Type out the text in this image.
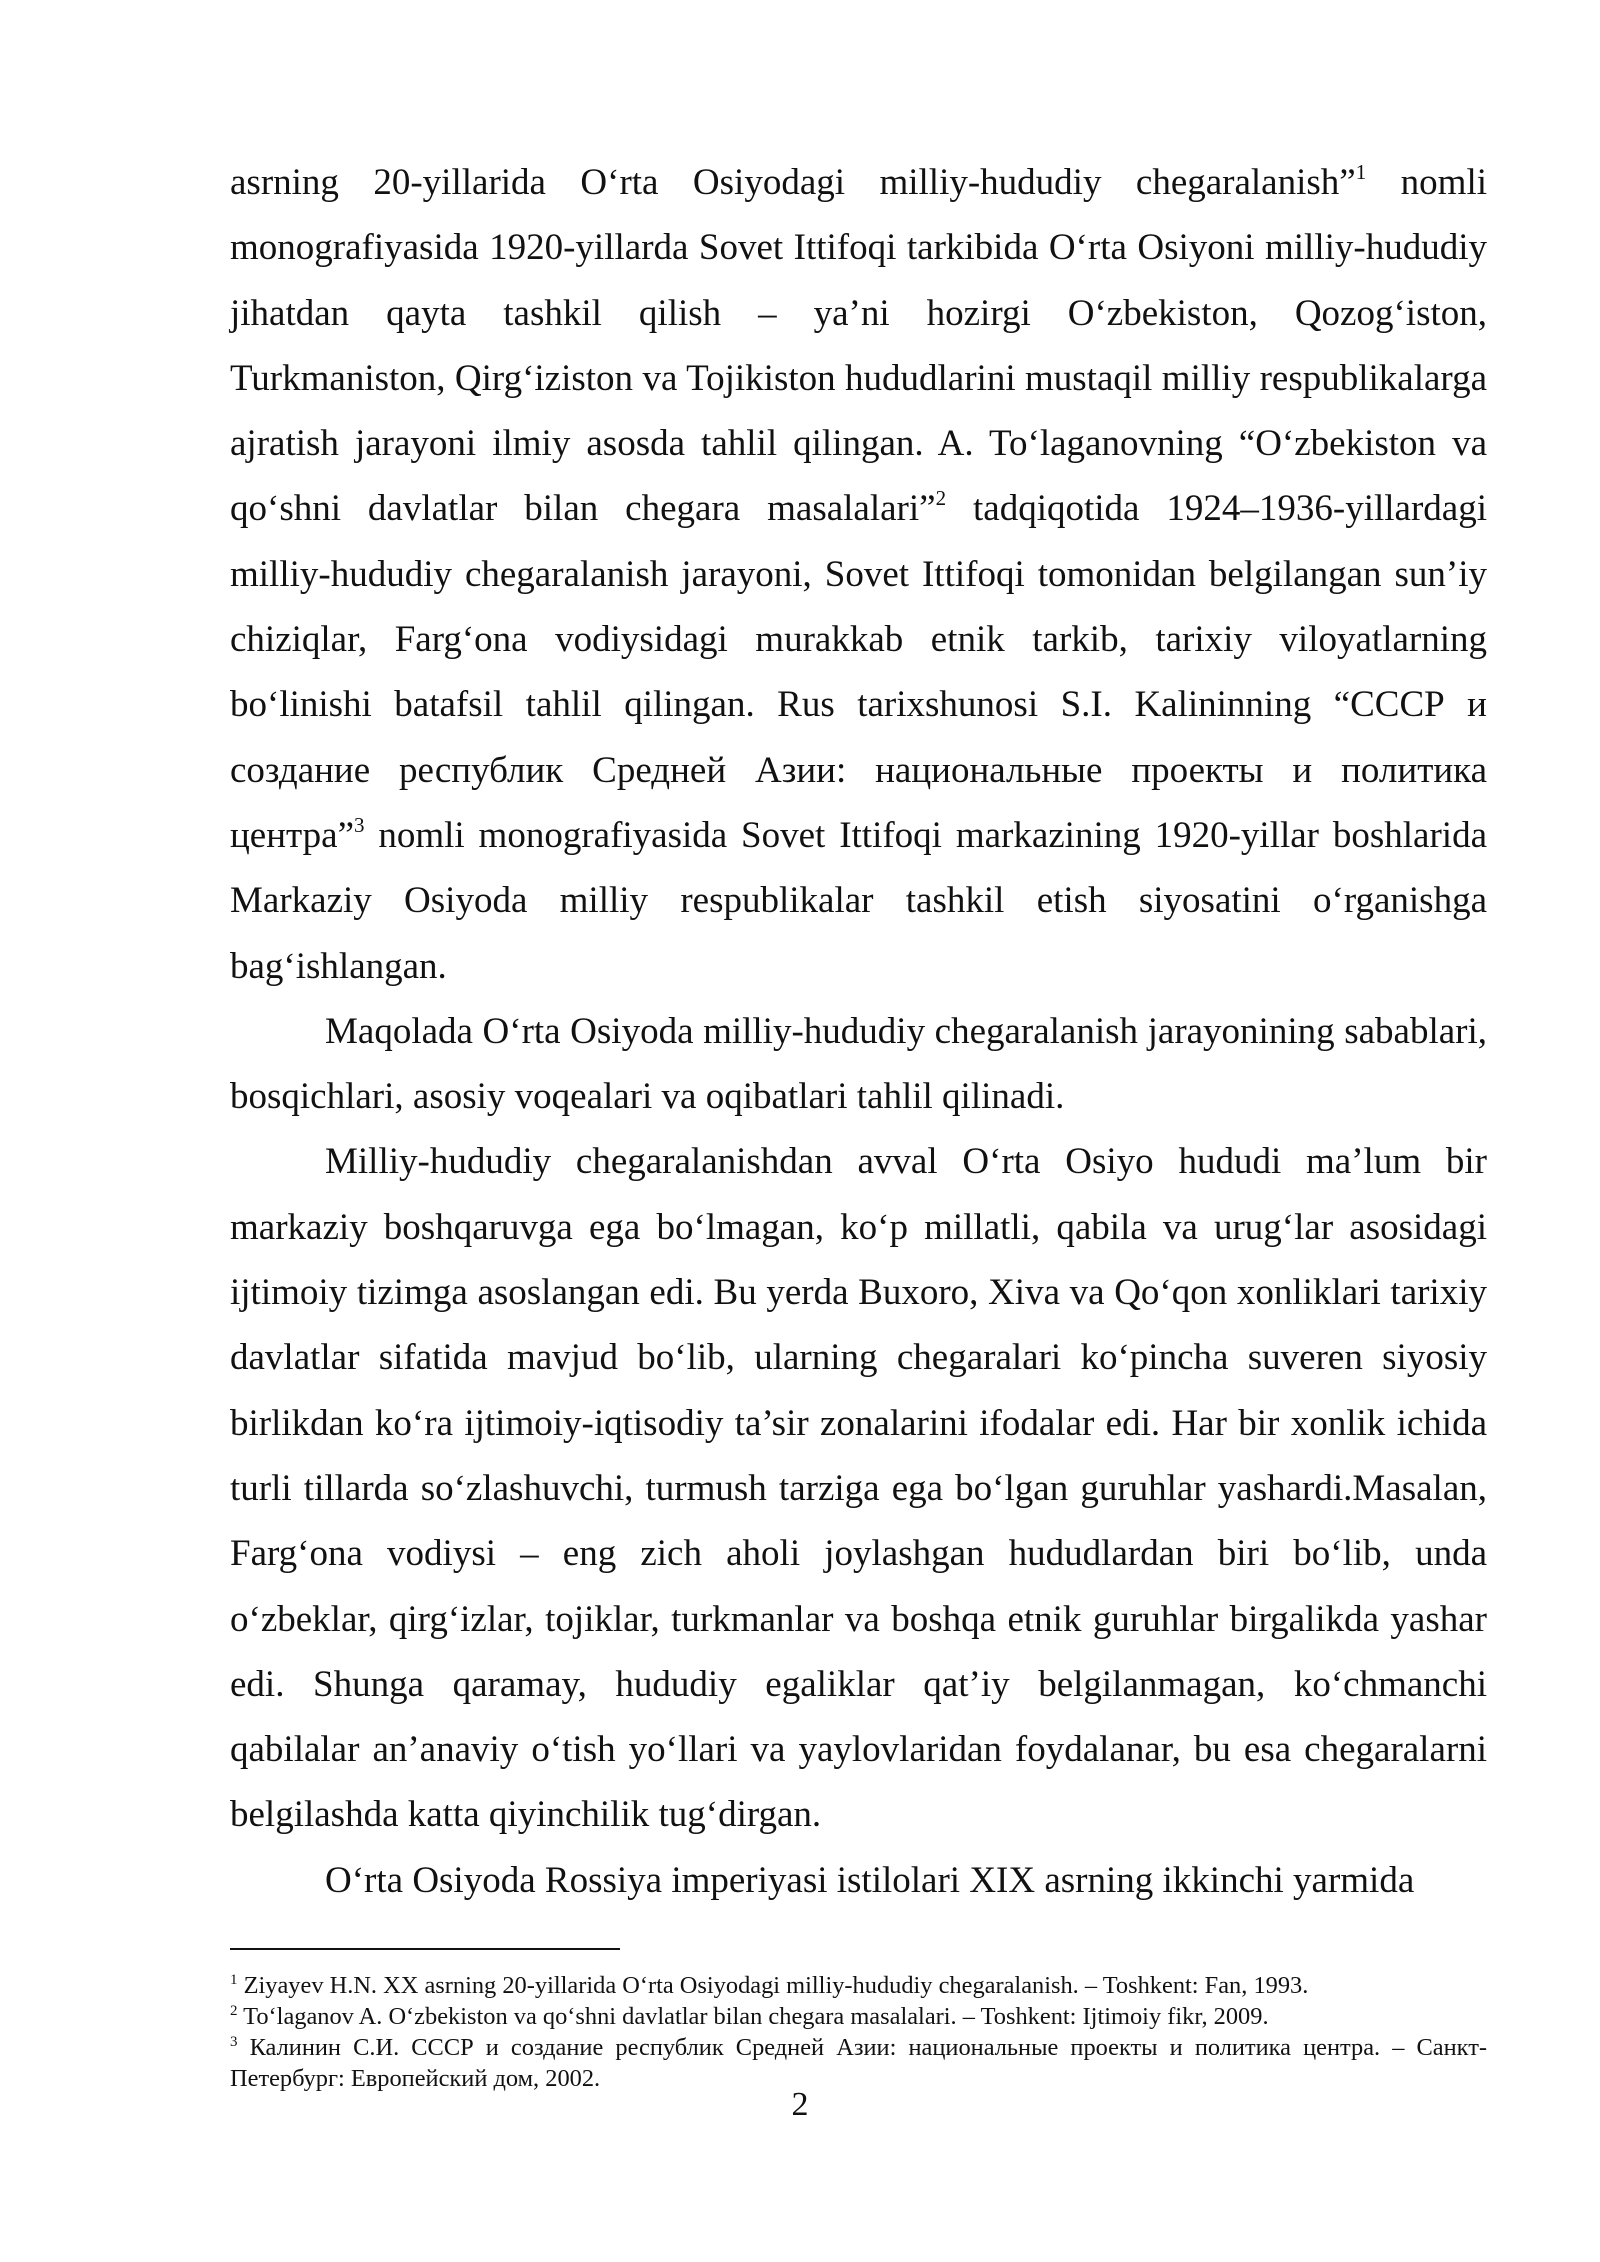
asrning 20-yillarida Oʻrta Osiyodagi milliy-hududiy chegaralanish”$^1$ nomli monografiyasida 1920-yillarda Sovet Ittifoqi tarkibida Oʻrta Osiyoni milliy-hududiy jihatdan qayta tashkil qilish – ya’ni hozirgi Oʻzbekiston, Qozogʻiston, Turkmaniston, Qirgʻiziston va Tojikiston hududlarini mustaqil milliy respublikalarga ajratish jarayoni ilmiy asosda tahlil qilingan. A. Toʻlaganovning “Oʻzbekiston va qoʻshni davlatlar bilan chegara masalalari”$^2$ tadqiqotida 1924–1936-yillardagi milliy-hududiy chegaralanish jarayoni, Sovet Ittifoqi tomonidan belgilangan sun’iy chiziqlar, Fargʻona vodiysidagi murakkab etnik tarkib, tarixiy viloyatlarning boʻlinishi batafsil tahlil qilingan. Rus tarixshunosi S.I. Kalininning “СССР и создание республик Средней Азии: национальные проекты и политика центра”$^3$ nomli monografiyasida Sovet Ittifoqi markazining 1920-yillar boshlarida Markaziy Osiyoda milliy respublikalar tashkil etish siyosatini oʻrganishga bagʻishlangan.

Maqolada Oʻrta Osiyoda milliy-hududiy chegaralanish jarayonining sabablari, bosqichlari, asosiy voqealari va oqibatlari tahlil qilinadi.

Milliy-hududiy chegaralanishdan avval Oʻrta Osiyo hududi ma’lum bir markaziy boshqaruvga ega boʻlmagan, koʻp millatli, qabila va urugʻlar asosidagi ijtimoiy tizimga asoslangan edi. Bu yerda Buxoro, Xiva va Qoʻqon xonliklari tarixiy davlatlar sifatida mavjud boʻlib, ularning chegaralari koʻpincha suveren siyosiy birlikdan koʻra ijtimoiy-iqtisodiy ta’sir zonalarini ifodalar edi. Har bir xonlik ichida turli tillarda soʻzlashuvchi, turmush tarziga ega boʻlgan guruhlar yashardi.Masalan, Fargʻona vodiysi – eng zich aholi joylashgan hududlardan biri boʻlib, unda oʻzbeklar, qirgʻizlar, tojiklar, turkmanlar va boshqa etnik guruhlar birgalikda yashar edi. Shunga qaramay, hududiy egaliklar qat’iy belgilanmagan, koʻchmanchi qabilalar an’anaviy oʻtish yoʻllari va yaylovlaridan foydalanar, bu esa chegaralarni belgilashda katta qiyinchilik tugʻdirgan.

Oʻrta Osiyoda Rossiya imperiyasi istilolari XIX asrning ikkinchi yarmida

$^1$ Ziyayev H.N. XX asrning 20-yillarida Oʻrta Osiyodagi milliy-hududiy chegaralanish. – Toshkent: Fan, 1993.

$^2$ Toʻlaganov A. Oʻzbekiston va qoʻshni davlatlar bilan chegara masalalari. – Toshkent: Ijtimoiy fikr, 2009.

$^3$ Калинин С.И. СССР и создание республик Средней Азии: национальные проекты и политика центра. – Санкт-Петербург: Европейский дом, 2002.

2
